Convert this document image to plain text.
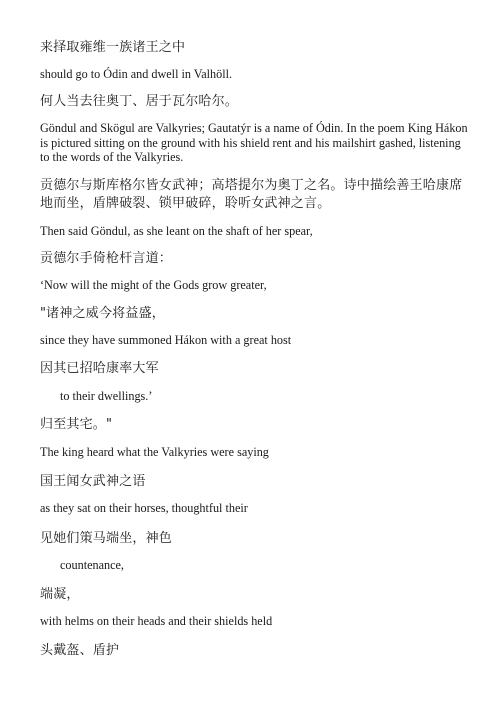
来择取雍维一族诸王之中

should go to Ódin and dwell in Valhöll.

何人当去往奥丁、居于瓦尔哈尔。

Göndul and Skögul are Valkyries; Gautatýr is a name of Ódin. In the poem King Hákon is pictured sitting on the ground with his shield rent and his mailshirt gashed, listening to the words of the Valkyries.

贡德尔与斯库格尔皆女武神；高塔提尔为奥丁之名。诗中描绘善王哈康席地而坐，盾牌破裂、锁甲破碎，聆听女武神之言。

Then said Göndul, as she leant on the shaft of her spear,

贡德尔手倚枪杆言道：

‘Now will the might of the Gods grow greater,

"诸神之威今将益盛，

since they have summoned Hákon with a great host

因其已招哈康率大军

to their dwellings.’

归至其宅。"

The king heard what the Valkyries were saying

国王闻女武神之语

as they sat on their horses, thoughtful their

见她们策马端坐，神色

countenance,

端凝，

with helms on their heads and their shields held

头戴盔、盾护
